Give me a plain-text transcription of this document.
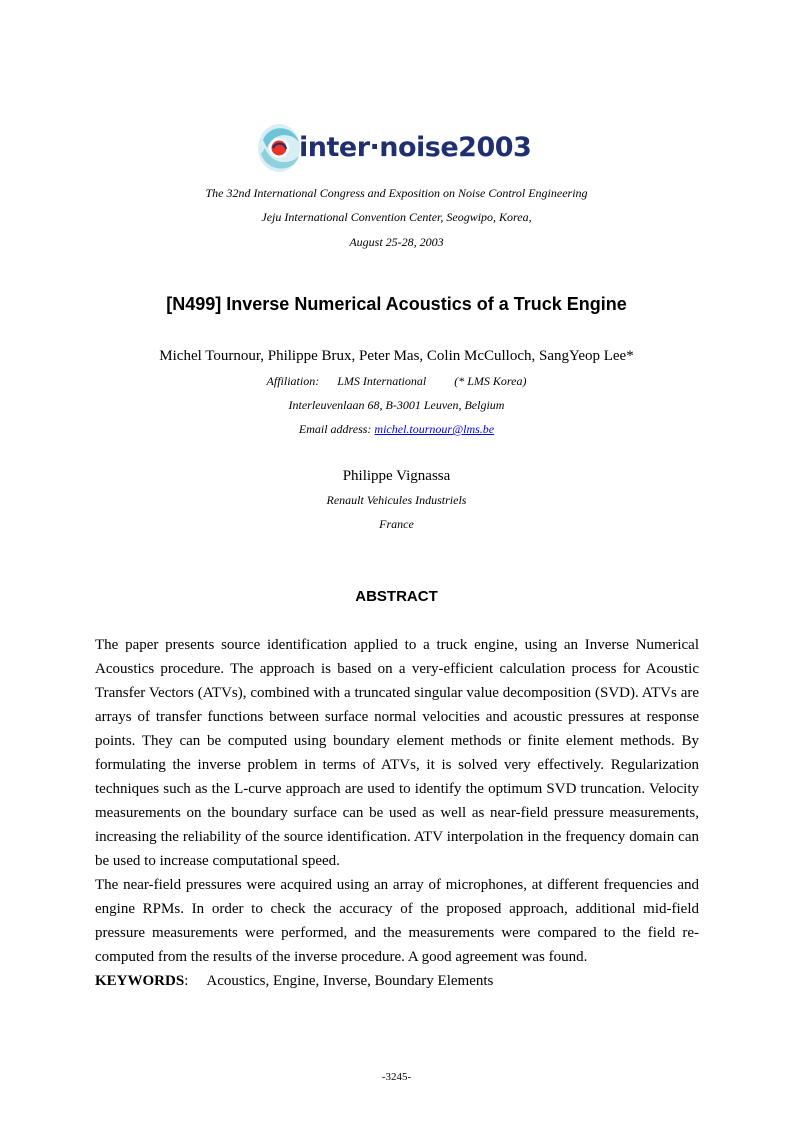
inter·noise2003
The 32nd International Congress and Exposition on Noise Control Engineering
Jeju International Convention Center, Seogwipo, Korea,
August 25-28, 2003
[N499] Inverse Numerical Acoustics of a Truck Engine
Michel Tournour, Philippe Brux, Peter Mas, Colin McCulloch, SangYeop Lee*
Affiliation: LMS International (* LMS Korea)
Interleuvenlaan 68, B-3001 Leuven, Belgium
Email address: michel.tournour@lms.be
Philippe Vignassa
Renault Vehicules Industriels
France
ABSTRACT

The paper presents source identification applied to a truck engine, using an Inverse Numerical Acoustics procedure. The approach is based on a very-efficient calculation process for Acoustic Transfer Vectors (ATVs), combined with a truncated singular value decomposition (SVD). ATVs are arrays of transfer functions between surface normal velocities and acoustic pressures at response points. They can be computed using boundary element methods or finite element methods. By formulating the inverse problem in terms of ATVs, it is solved very effectively. Regularization techniques such as the L-curve approach are used to identify the optimum SVD truncation. Velocity measurements on the boundary surface can be used as well as near-field pressure measurements, increasing the reliability of the source identification. ATV interpolation in the frequency domain can be used to increase computational speed.

The near-field pressures were acquired using an array of microphones, at different frequencies and engine RPMs. In order to check the accuracy of the proposed approach, additional mid-field pressure measurements were performed, and the measurements were compared to the field re-computed from the results of the inverse procedure. A good agreement was found.

KEYWORDS: Acoustics, Engine, Inverse, Boundary Elements

-3245-
